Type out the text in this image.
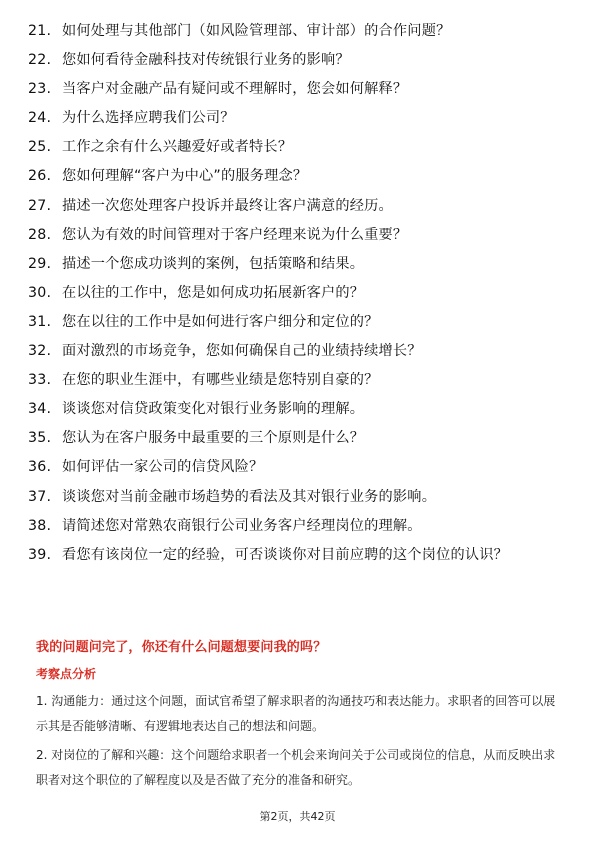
21. 如何处理与其他部门（如风险管理部、审计部）的合作问题？
22. 您如何看待金融科技对传统银行业务的影响？
23. 当客户对金融产品有疑问或不理解时，您会如何解释？
24. 为什么选择应聘我们公司？
25. 工作之余有什么兴趣爱好或者特长？
26. 您如何理解“客户为中心”的服务理念？
27. 描述一次您处理客户投诉并最终让客户满意的经历。
28. 您认为有效的时间管理对于客户经理来说为什么重要？
29. 描述一个您成功谈判的案例，包括策略和结果。
30. 在以往的工作中，您是如何成功拓展新客户的？
31. 您在以往的工作中是如何进行客户细分和定位的？
32. 面对激烈的市场竞争，您如何确保自己的业绩持续增长？
33. 在您的职业生涯中，有哪些业绩是您特别自豪的？
34. 谈谈您对信贷政策变化对银行业务影响的理解。
35. 您认为在客户服务中最重要的三个原则是什么？
36. 如何评估一家公司的信贷风险？
37. 谈谈您对当前金融市场趋势的看法及其对银行业务的影响。
38. 请简述您对常熟农商银行公司业务客户经理岗位的理解。
39. 看您有该岗位一定的经验，可否谈谈你对目前应聘的这个岗位的认识？
我的问题问完了，你还有什么问题想要问我的吗？
考察点分析

1. 沟通能力：通过这个问题，面试官希望了解求职者的沟通技巧和表达能力。求职者的回答可以展示其是否能够清晰、有逻辑地表达自己的想法和问题。

2. 对岗位的了解和兴趣：这个问题给求职者一个机会来询问关于公司或岗位的信息，从而反映出求职者对这个职位的了解程度以及是否做了充分的准备和研究。

第2页，共42页
